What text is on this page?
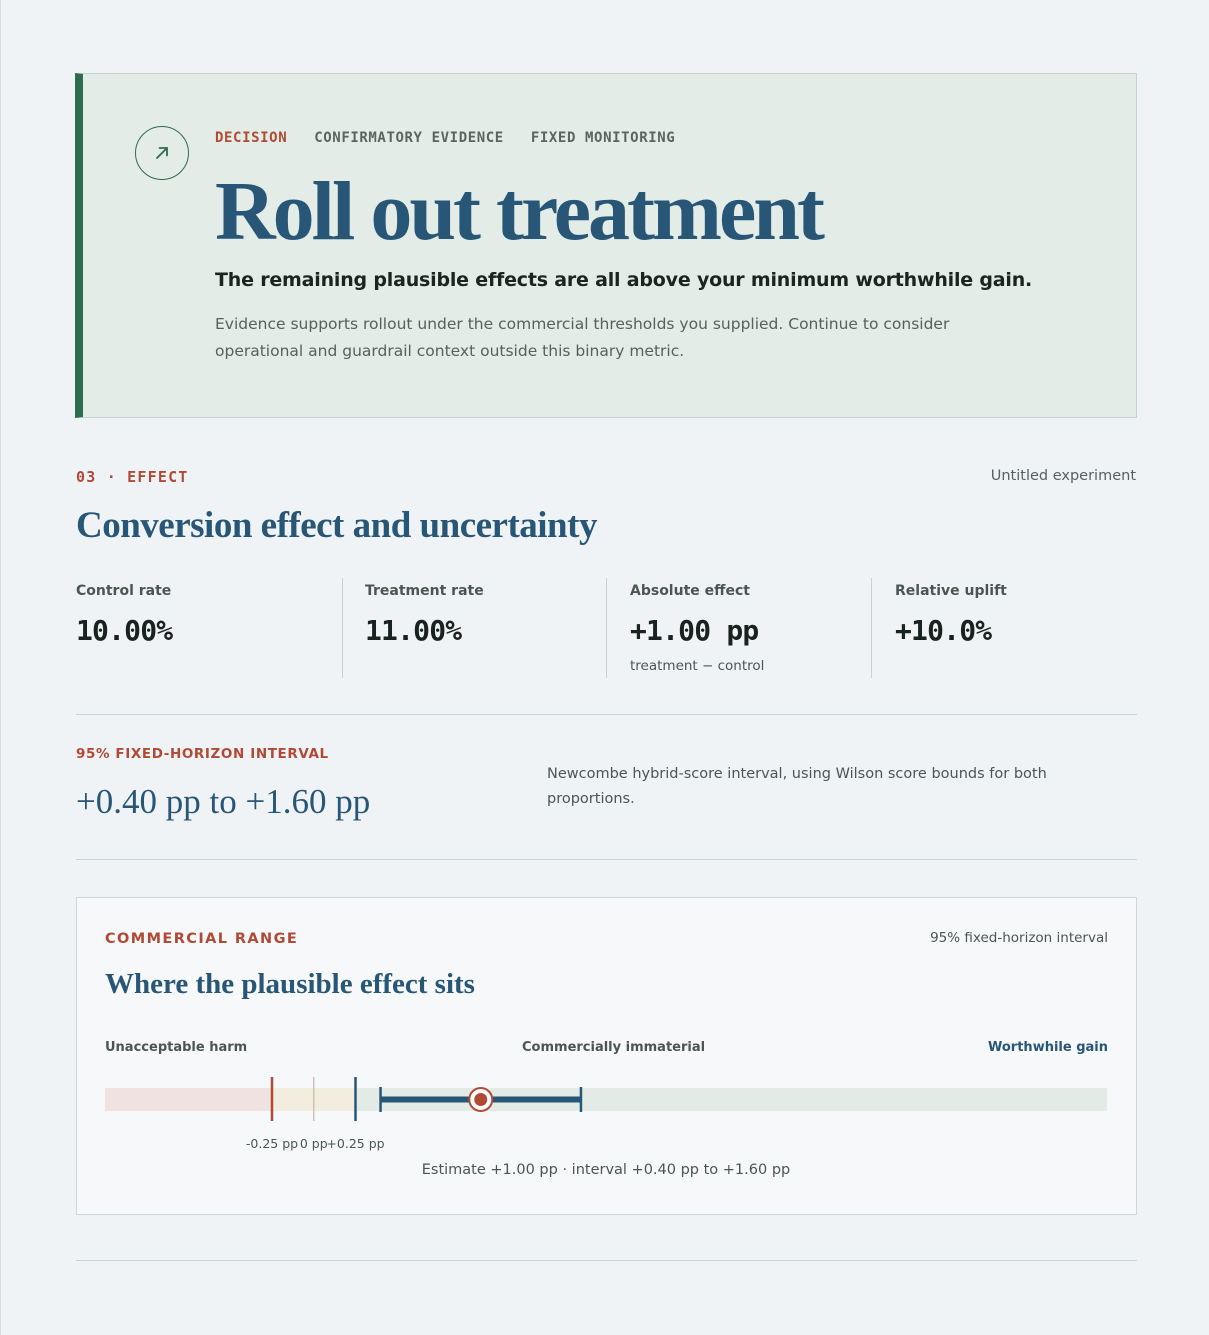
DECISION CONFIRMATORY EVIDENCE FIXED MONITORING
Roll out treatment

The remaining plausible effects are all above your minimum worthwhile gain.

Evidence supports rollout under the commercial thresholds you supplied. Continue to consider operational and guardrail context outside this binary metric.

03 · EFFECT	Untitled experiment
Conversion effect and uncertainty
Control rate
10.00%
Treatment rate
11.00%
Absolute effect
+1.00 pp
treatment − control
Relative uplift
+10.0%
95% FIXED-HORIZON INTERVAL
+0.40 pp to +1.60 pp

Newcombe hybrid-score interval, using Wilson score bounds for both proportions.

COMMERCIAL RANGE	95% fixed-horizon interval
Where the plausible effect sits
Unacceptable harm	Commercially immaterial	Worthwhile gain
-0.25 pp 0 pp
+0.25 pp
Estimate +1.00 pp · interval +0.40 pp to +1.60 pp
